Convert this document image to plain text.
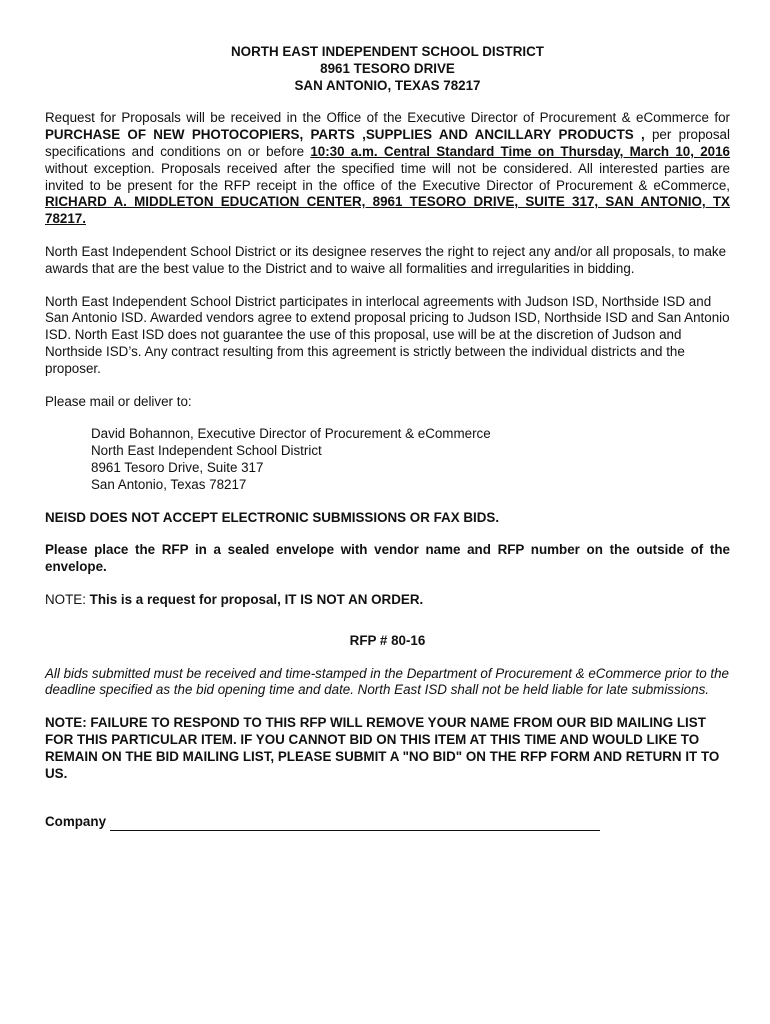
NORTH EAST INDEPENDENT SCHOOL DISTRICT
8961 TESORO DRIVE
SAN ANTONIO, TEXAS 78217

Request for Proposals will be received in the Office of the Executive Director of Procurement & eCommerce for PURCHASE OF NEW PHOTOCOPIERS, PARTS ,SUPPLIES AND ANCILLARY PRODUCTS , per proposal specifications and conditions on or before 10:30 a.m. Central Standard Time on Thursday, March 10, 2016 without exception. Proposals received after the specified time will not be considered. All interested parties are invited to be present for the RFP receipt in the office of the Executive Director of Procurement & eCommerce, RICHARD A. MIDDLETON EDUCATION CENTER, 8961 TESORO DRIVE, SUITE 317, SAN ANTONIO, TX 78217.

North East Independent School District or its designee reserves the right to reject any and/or all proposals, to make awards that are the best value to the District and to waive all formalities and irregularities in bidding.

North East Independent School District participates in interlocal agreements with Judson ISD, Northside ISD and San Antonio ISD. Awarded vendors agree to extend proposal pricing to Judson ISD, Northside ISD and San Antonio ISD. North East ISD does not guarantee the use of this proposal, use will be at the discretion of Judson and Northside ISD’s. Any contract resulting from this agreement is strictly between the individual districts and the proposer.

Please mail or deliver to:

David Bohannon, Executive Director of Procurement & eCommerce
North East Independent School District
8961 Tesoro Drive, Suite 317
San Antonio, Texas 78217

NEISD DOES NOT ACCEPT ELECTRONIC SUBMISSIONS OR FAX BIDS.

Please place the RFP in a sealed envelope with vendor name and RFP number on the outside of the envelope.

NOTE: This is a request for proposal, IT IS NOT AN ORDER.

RFP # 80-16

All bids submitted must be received and time-stamped in the Department of Procurement & eCommerce prior to the deadline specified as the bid opening time and date. North East ISD shall not be held liable for late submissions.

NOTE: FAILURE TO RESPOND TO THIS RFP WILL REMOVE YOUR NAME FROM OUR BID MAILING LIST FOR THIS PARTICULAR ITEM. IF YOU CANNOT BID ON THIS ITEM AT THIS TIME AND WOULD LIKE TO REMAIN ON THE BID MAILING LIST, PLEASE SUBMIT A "NO BID" ON THE RFP FORM AND RETURN IT TO US.

Company
